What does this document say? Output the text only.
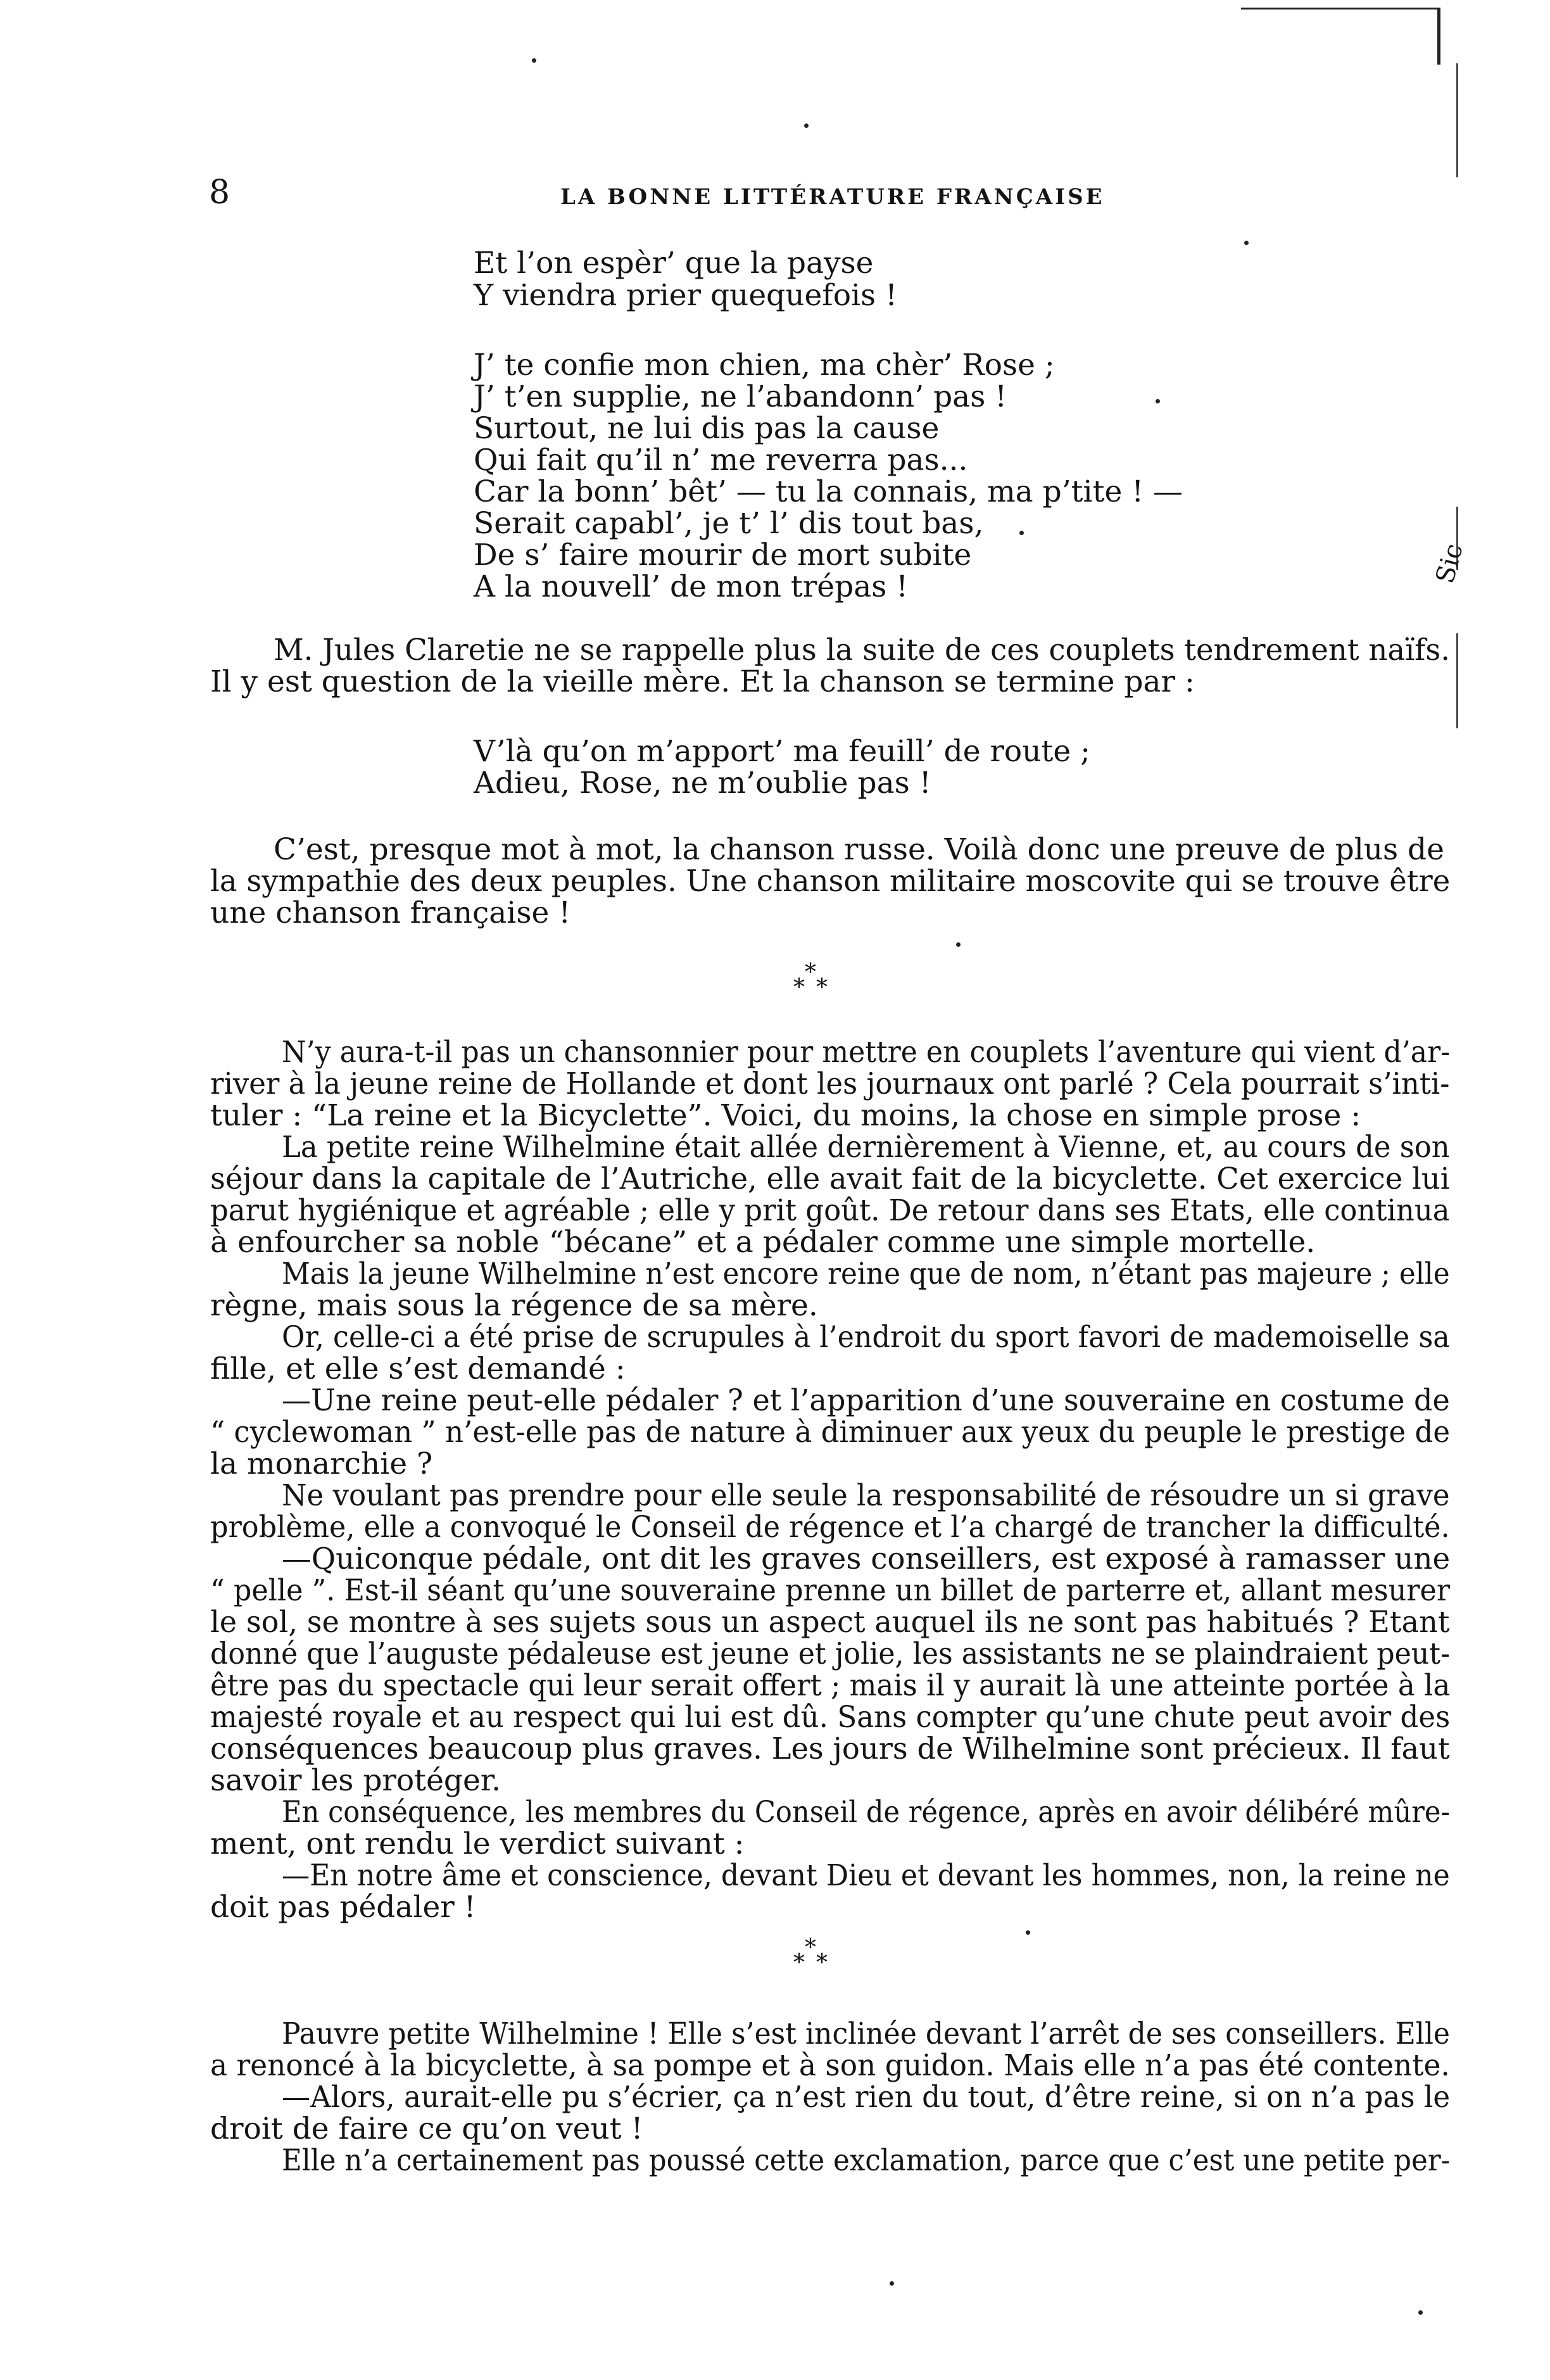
Sic
8	LA BONNE LITTÉRATURE FRANÇAISE
Et l’on espèr’ que la payse
Y viendra prier quequefois !
J’ te confie mon chien, ma chèr’ Rose ;
J’ t’en supplie, ne l’abandonn’ pas !
Surtout, ne lui dis pas la cause
Qui fait qu’il n’ me reverra pas...
Car la bonn’ bêt’ — tu la connais, ma p’tite ! —
Serait capabl’, je t’ l’ dis tout bas,
De s’ faire mourir de mort subite
A la nouvell’ de mon trépas !
M. Jules Claretie ne se rappelle plus la suite de ces couplets tendrement naïfs.
Il y est question de la vieille mère. Et la chanson se termine par :
V’là qu’on m’apport’ ma feuill’ de route ;
Adieu, Rose, ne m’oublie pas !
C’est, presque mot à mot, la chanson russe. Voilà donc une preuve de plus de
la sympathie des deux peuples. Une chanson militaire moscovite qui se trouve être
une chanson française !
*
* *
N’y aura-t-il pas un chansonnier pour mettre en couplets l’aventure qui vient d’ar-
river à la jeune reine de Hollande et dont les journaux ont parlé ? Cela pourrait s’inti-
tuler : “La reine et la Bicyclette”. Voici, du moins, la chose en simple prose :
La petite reine Wilhelmine était allée dernièrement à Vienne, et, au cours de son
séjour dans la capitale de l’Autriche, elle avait fait de la bicyclette. Cet exercice lui
parut hygiénique et agréable ; elle y prit goût. De retour dans ses Etats, elle continua
à enfourcher sa noble “bécane” et a pédaler comme une simple mortelle.
Mais la jeune Wilhelmine n’est encore reine que de nom, n’étant pas majeure ; elle
règne, mais sous la régence de sa mère.
Or, celle-ci a été prise de scrupules à l’endroit du sport favori de mademoiselle sa
fille, et elle s’est demandé :
—Une reine peut-elle pédaler ? et l’apparition d’une souveraine en costume de
“ cyclewoman ” n’est-elle pas de nature à diminuer aux yeux du peuple le prestige de
la monarchie ?
Ne voulant pas prendre pour elle seule la responsabilité de résoudre un si grave
problème, elle a convoqué le Conseil de régence et l’a chargé de trancher la difficulté.
—Quiconque pédale, ont dit les graves conseillers, est exposé à ramasser une
“ pelle ”. Est-il séant qu’une souveraine prenne un billet de parterre et, allant mesurer
le sol, se montre à ses sujets sous un aspect auquel ils ne sont pas habitués ? Etant
donné que l’auguste pédaleuse est jeune et jolie, les assistants ne se plaindraient peut-
être pas du spectacle qui leur serait offert ; mais il y aurait là une atteinte portée à la
majesté royale et au respect qui lui est dû. Sans compter qu’une chute peut avoir des
conséquences beaucoup plus graves. Les jours de Wilhelmine sont précieux. Il faut
savoir les protéger.
En conséquence, les membres du Conseil de régence, après en avoir délibéré mûre-
ment, ont rendu le verdict suivant :
—En notre âme et conscience, devant Dieu et devant les hommes, non, la reine ne
doit pas pédaler !
*
* *
Pauvre petite Wilhelmine ! Elle s’est inclinée devant l’arrêt de ses conseillers. Elle
a renoncé à la bicyclette, à sa pompe et à son guidon. Mais elle n’a pas été contente.
—Alors, aurait-elle pu s’écrier, ça n’est rien du tout, d’être reine, si on n’a pas le
droit de faire ce qu’on veut !
Elle n’a certainement pas poussé cette exclamation, parce que c’est une petite per-
